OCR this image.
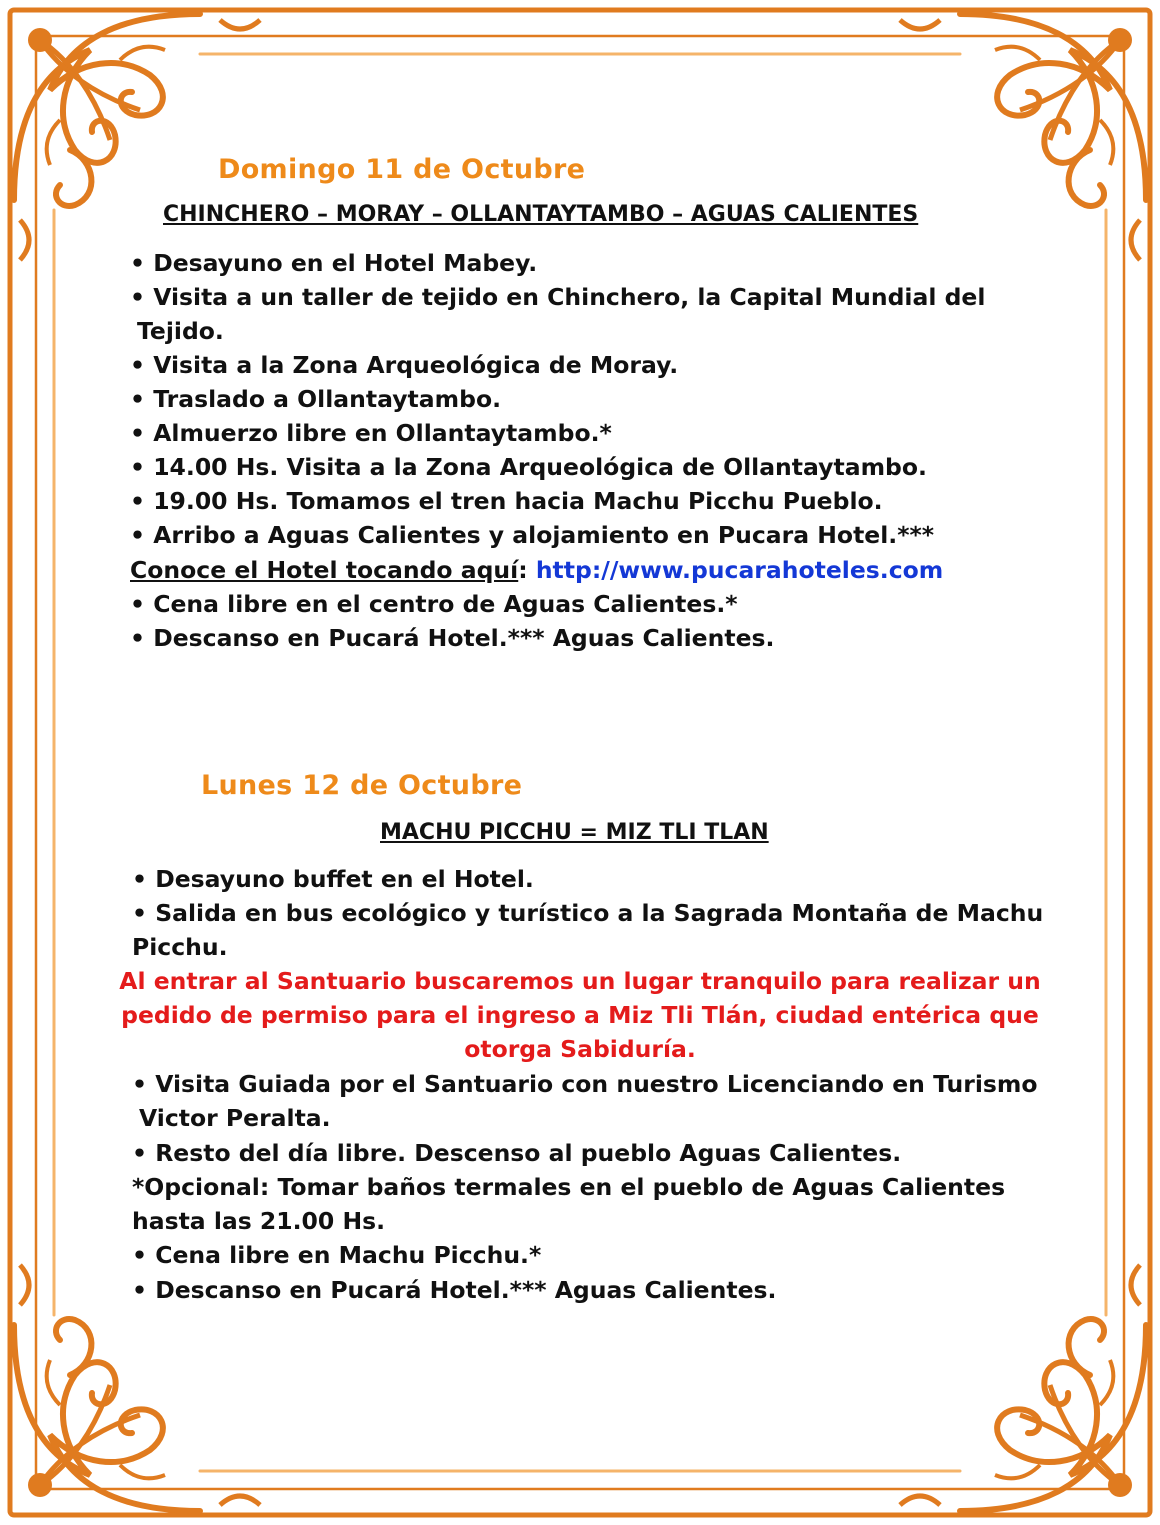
Domingo 11 de Octubre
CHINCHERO – MORAY – OLLANTAYTAMBO – AGUAS CALIENTES
• Desayuno en el Hotel Mabey.
• Visita a un taller de tejido en Chinchero, la Capital Mundial del
Tejido.
• Visita a la Zona Arqueológica de Moray.
• Traslado a Ollantaytambo.
• Almuerzo libre en Ollantaytambo.*
• 14.00 Hs. Visita a la Zona Arqueológica de Ollantaytambo.
• 19.00 Hs. Tomamos el tren hacia Machu Picchu Pueblo.
• Arribo a Aguas Calientes y alojamiento en Pucara Hotel.***
Conoce el Hotel tocando aquí: http://www.pucarahoteles.com
• Cena libre en el centro de Aguas Calientes.*
• Descanso en Pucará Hotel.*** Aguas Calientes.
Lunes 12 de Octubre
MACHU PICCHU = MIZ TLI TLAN
• Desayuno buffet en el Hotel.
• Salida en bus ecológico y turístico a la Sagrada Montaña de Machu
Picchu.
Al entrar al Santuario buscaremos un lugar tranquilo para realizar un
pedido de permiso para el ingreso a Miz Tli Tlán, ciudad entérica que
otorga Sabiduría.
• Visita Guiada por el Santuario con nuestro Licenciando en Turismo
Victor Peralta.
• Resto del día libre. Descenso al pueblo Aguas Calientes.
*Opcional: Tomar baños termales en el pueblo de Aguas Calientes
hasta las 21.00 Hs.
• Cena libre en Machu Picchu.*
• Descanso en Pucará Hotel.*** Aguas Calientes.
